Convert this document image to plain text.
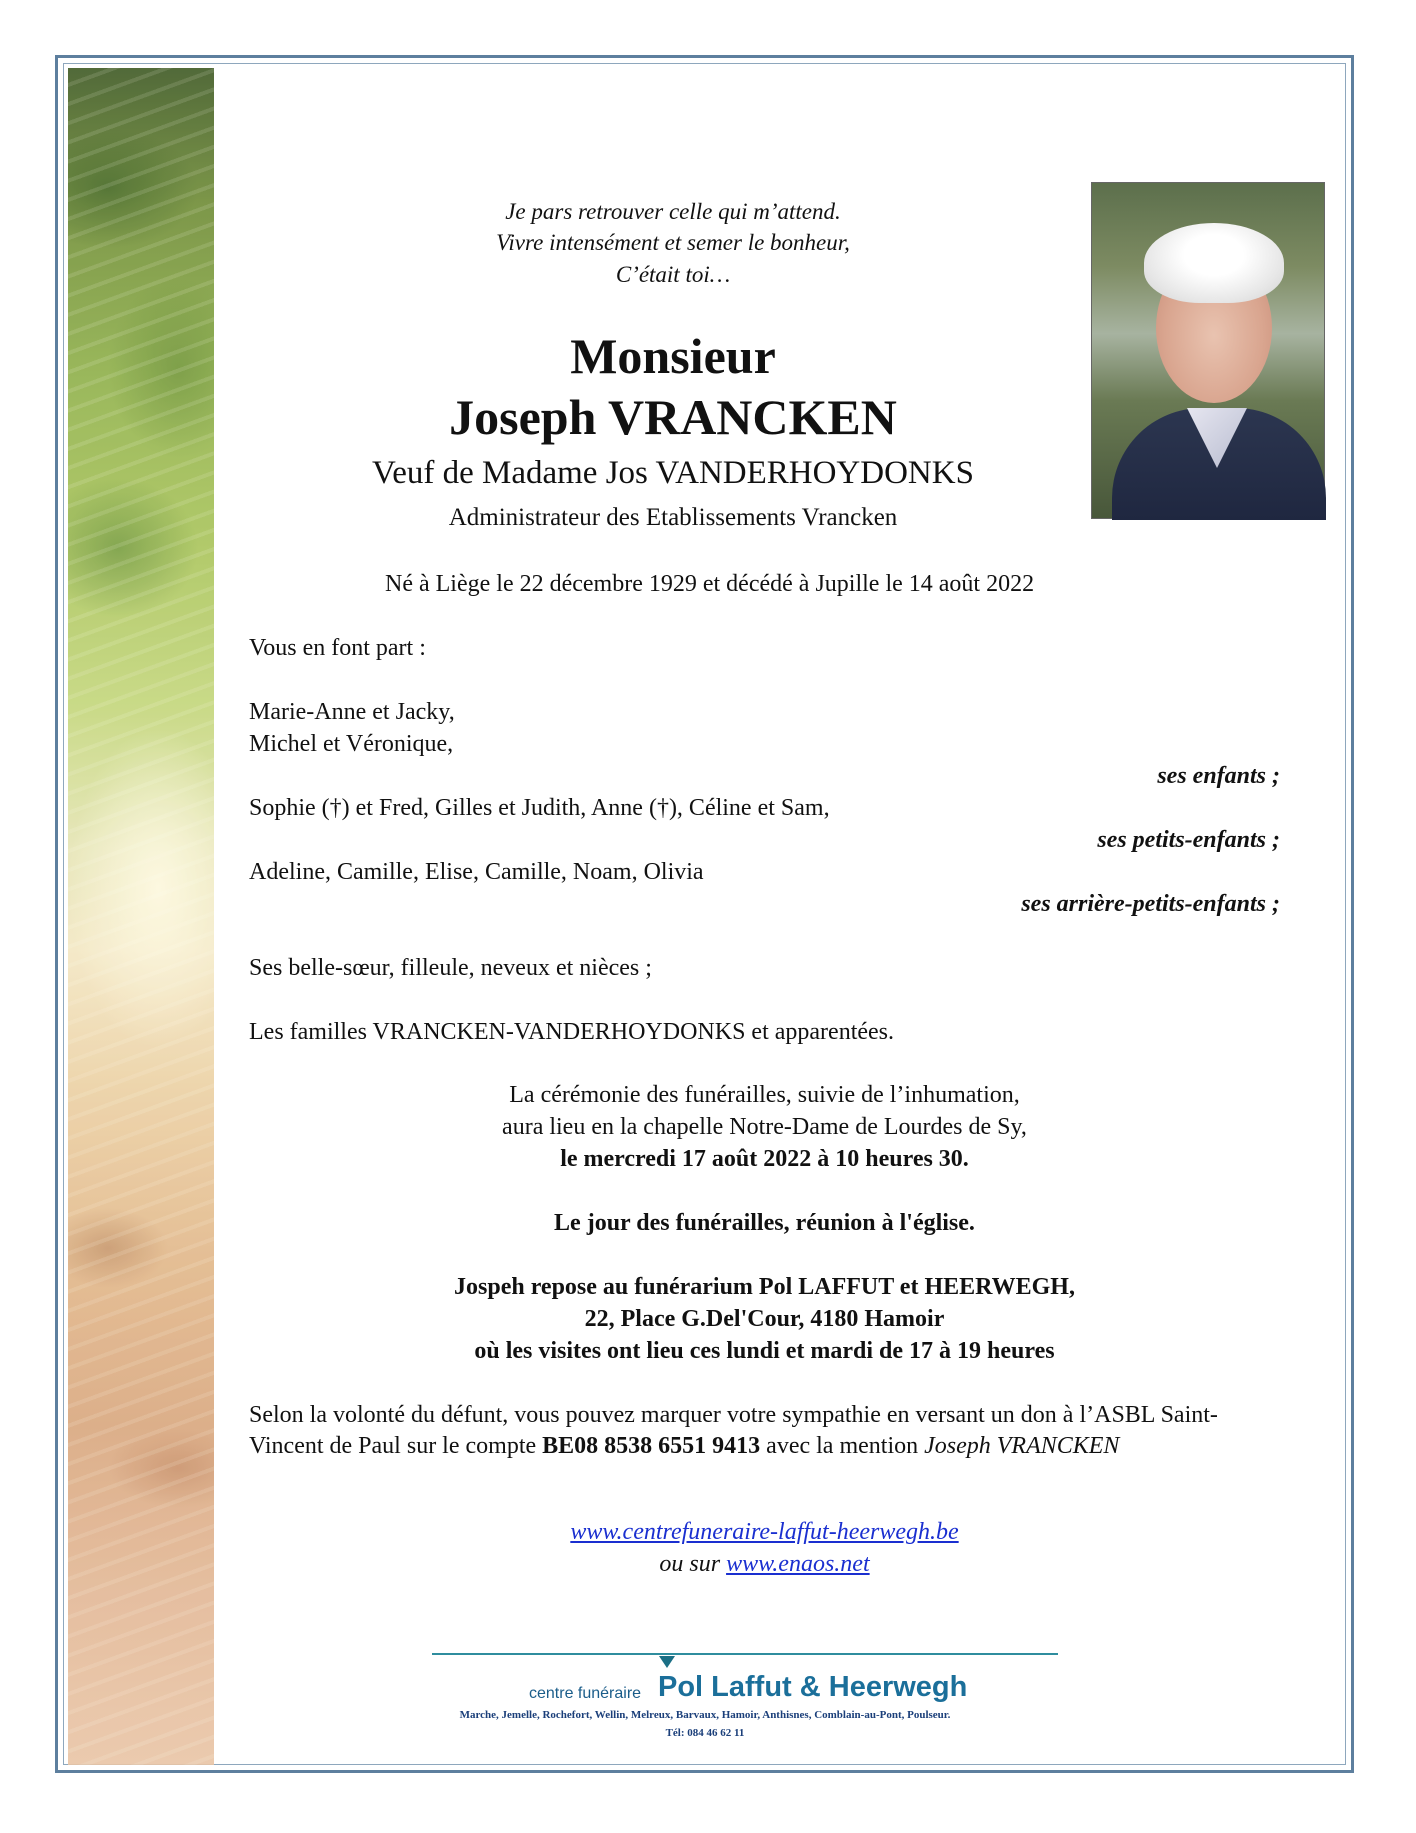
Je pars retrouver celle qui m’attend.
Vivre intensément et semer le bonheur,
C’était toi…
Monsieur
Joseph VRANCKEN
Veuf de Madame Jos VANDERHOYDONKS
Administrateur des Etablissements Vrancken
Né à Liège le 22 décembre 1929 et décédé à Jupille le 14 août 2022
Vous en font part :
Marie-Anne et Jacky,
Michel et Véronique,
ses enfants ;
Sophie (†) et Fred, Gilles et Judith, Anne (†), Céline et Sam,
ses petits-enfants ;
Adeline, Camille, Elise, Camille, Noam, Olivia
ses arrière-petits-enfants ;
Ses belle-sœur, filleule, neveux et nièces ;
Les familles VRANCKEN-VANDERHOYDONKS et apparentées.
La cérémonie des funérailles, suivie de l’inhumation,
aura lieu en la chapelle Notre-Dame de Lourdes de Sy,
le mercredi 17 août 2022 à 10 heures 30.
Le jour des funérailles, réunion à l'église.
Jospeh repose au funérarium Pol LAFFUT et HEERWEGH,
22, Place G.Del'Cour, 4180 Hamoir
où les visites ont lieu ces lundi et mardi de 17 à 19 heures
Selon la volonté du défunt, vous pouvez marquer votre sympathie en versant un don à l’ASBL Saint-Vincent de Paul sur le compte BE08 8538 6551 9413 avec la mention Joseph VRANCKEN
www.centrefuneraire-laffut-heerwegh.be
ou sur www.enaos.net
centre funéraire Pol Laffut & Heerwegh
Marche, Jemelle, Rochefort, Wellin, Melreux, Barvaux, Hamoir, Anthisnes, Comblain-au-Pont, Poulseur.
Tél: 084 46 62 11
